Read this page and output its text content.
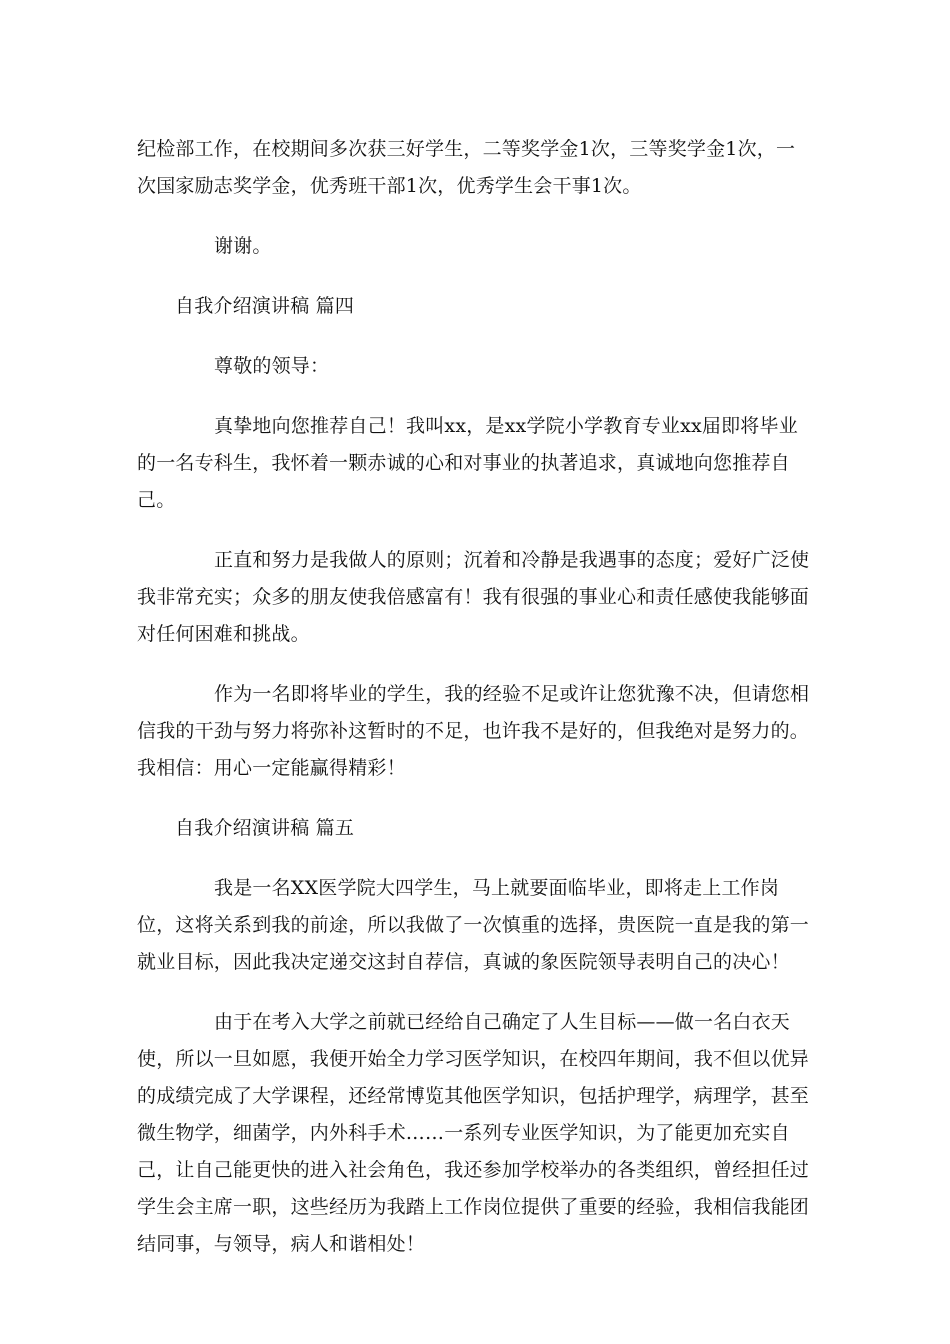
纪检部工作，在校期间多次获三好学生，二等奖学金1次，三等奖学金1次，一次国家励志奖学金，优秀班干部1次，优秀学生会干事1次。

谢谢。

自我介绍演讲稿 篇四

尊敬的领导：

真挚地向您推荐自己！我叫xx，是xx学院小学教育专业xx届即将毕业的一名专科生，我怀着一颗赤诚的心和对事业的执著追求，真诚地向您推荐自己。

正直和努力是我做人的原则；沉着和冷静是我遇事的态度；爱好广泛使我非常充实；众多的朋友使我倍感富有！我有很强的事业心和责任感使我能够面对任何困难和挑战。

作为一名即将毕业的学生，我的经验不足或许让您犹豫不决，但请您相信我的干劲与努力将弥补这暂时的不足，也许我不是好的，但我绝对是努力的。我相信：用心一定能赢得精彩！

自我介绍演讲稿 篇五

我是一名XX医学院大四学生，马上就要面临毕业，即将走上工作岗位，这将关系到我的前途，所以我做了一次慎重的选择，贵医院一直是我的第一就业目标，因此我决定递交这封自荐信，真诚的象医院领导表明自己的决心！

由于在考入大学之前就已经给自己确定了人生目标——做一名白衣天使，所以一旦如愿，我便开始全力学习医学知识，在校四年期间，我不但以优异的成绩完成了大学课程，还经常博览其他医学知识，包括护理学，病理学，甚至微生物学，细菌学，内外科手术……一系列专业医学知识，为了能更加充实自己，让自己能更快的进入社会角色，我还参加学校举办的各类组织，曾经担任过学生会主席一职，这些经历为我踏上工作岗位提供了重要的经验，我相信我能团结同事，与领导，病人和谐相处！
